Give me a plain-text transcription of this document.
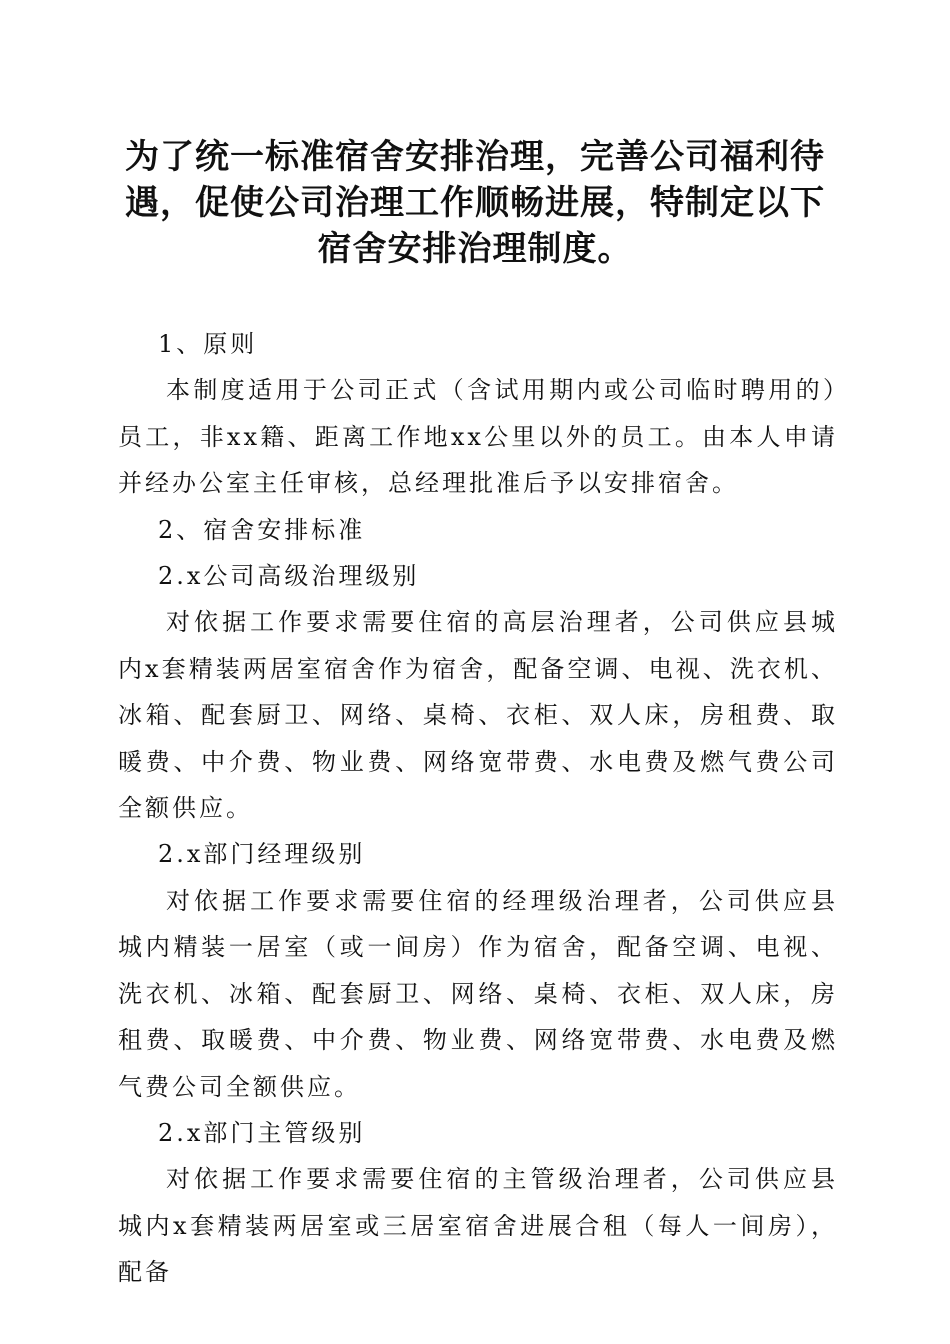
为了统一标准宿舍安排治理，完善公司福利待遇，促使公司治理工作顺畅进展，特制定以下宿舍安排治理制度。

1、原则

本制度适用于公司正式（含试用期内或公司临时聘用的）员工，非xx籍、距离工作地xx公里以外的员工。由本人申请并经办公室主任审核，总经理批准后予以安排宿舍。

2、宿舍安排标准

2.x公司高级治理级别

对依据工作要求需要住宿的高层治理者，公司供应县城内x套精装两居室宿舍作为宿舍，配备空调、电视、洗衣机、冰箱、配套厨卫、网络、桌椅、衣柜、双人床，房租费、取暖费、中介费、物业费、网络宽带费、水电费及燃气费公司全额供应。

2.x部门经理级别

对依据工作要求需要住宿的经理级治理者，公司供应县城内精装一居室（或一间房）作为宿舍，配备空调、电视、洗衣机、冰箱、配套厨卫、网络、桌椅、衣柜、双人床，房租费、取暖费、中介费、物业费、网络宽带费、水电费及燃气费公司全额供应。

2.x部门主管级别

对依据工作要求需要住宿的主管级治理者，公司供应县城内x套精装两居室或三居室宿舍进展合租（每人一间房），配备
